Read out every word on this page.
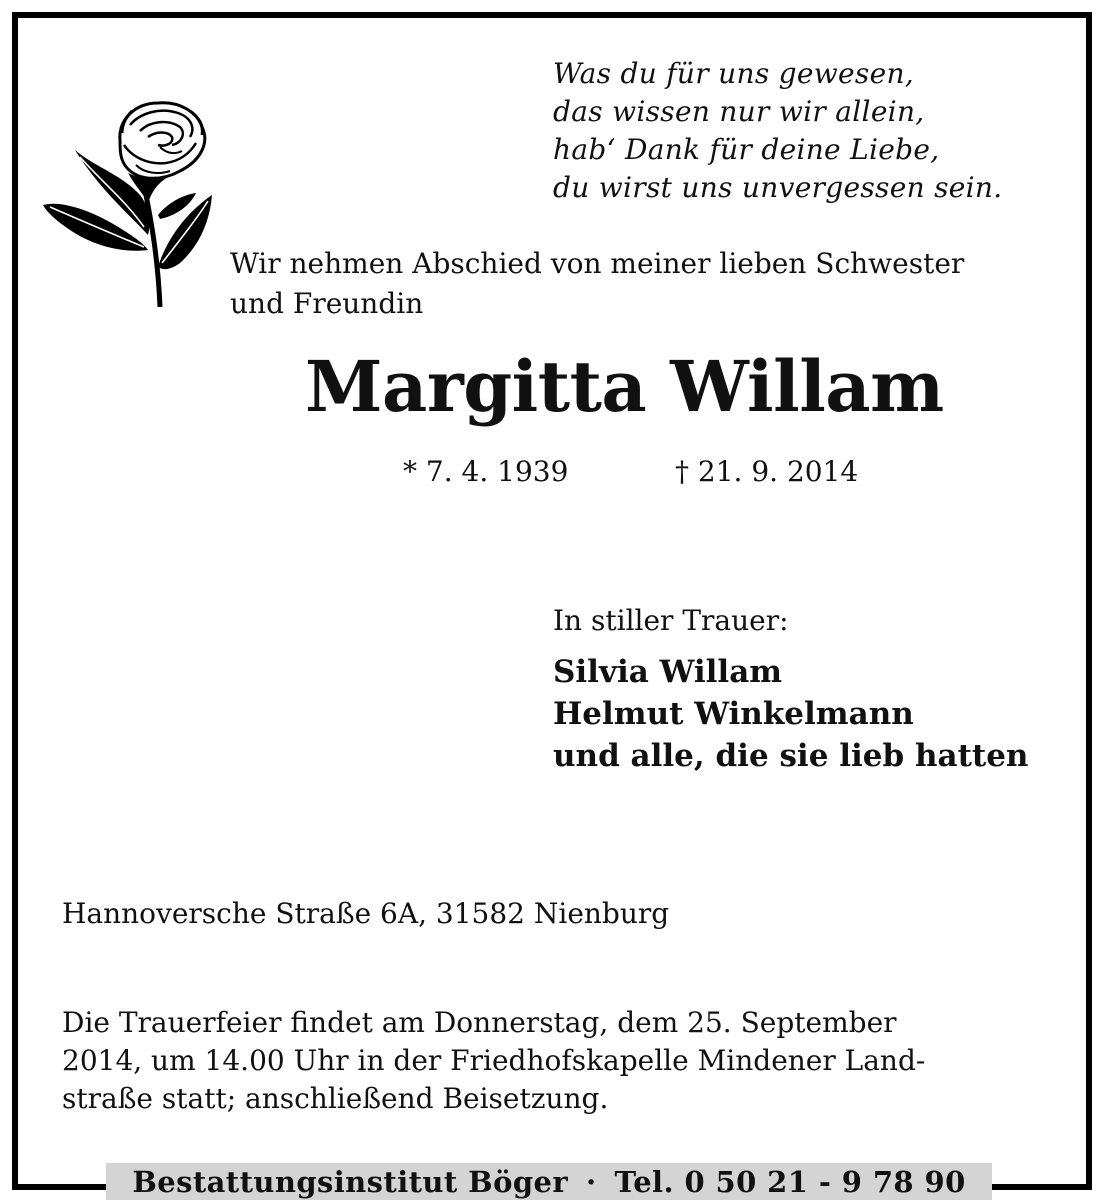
Was du für uns gewesen,
das wissen nur wir allein,
hab‘ Dank für deine Liebe,
du wirst uns unvergessen sein.
Wir nehmen Abschied von meiner lieben Schwester
und Freundin
Margitta Willam
* 7. 4. 1939	† 21. 9. 2014
In stiller Trauer:
Silvia Willam
Helmut Winkelmann
und alle, die sie lieb hatten
Hannoversche Straße 6A, 31582 Nienburg
Die Trauerfeier findet am Donnerstag, dem 25. September
2014, um 14.00 Uhr in der Friedhofskapelle Mindener Land-
straße statt; anschließend Beisetzung.
Bestattungsinstitut Böger · Tel. 0 50 21 - 9 78 90
